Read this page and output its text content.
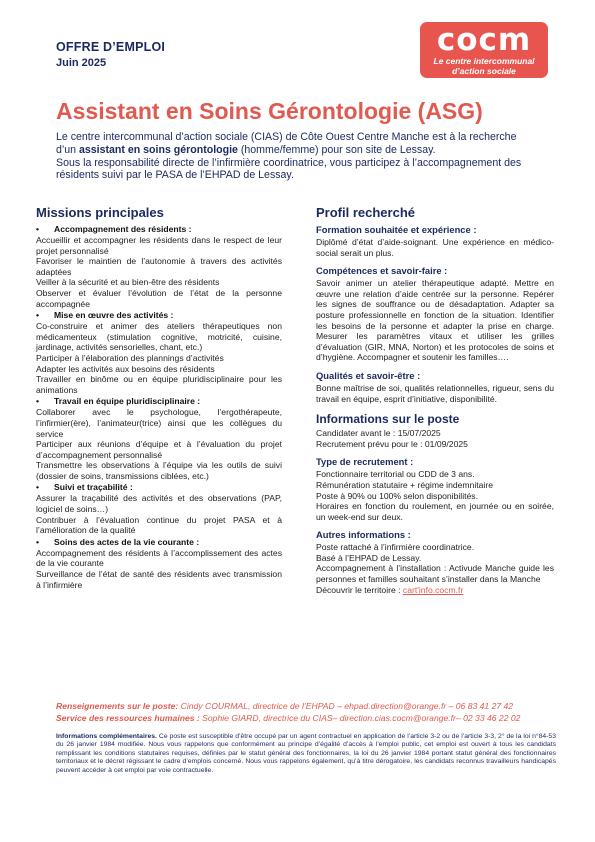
OFFRE D’EMPLOI
Juin 2025
cocm
Le centre intercommunal
d’action sociale
Assistant en Soins Gérontologie (ASG)
Le centre intercommunal d’action sociale (CIAS) de Côte Ouest Centre Manche est à la recherche d’un assistant en soins gérontologie (homme/femme) pour son site de Lessay.
Sous la responsabilité directe de l’infirmière coordinatrice, vous participez à l’accompagnement des résidents suivi par le PASA de l’EHPAD de Lessay.
Missions principales
• Accompagnement des résidents :
Accueillir et accompagner les résidents dans le respect de leur projet personnalisé
Favoriser le maintien de l’autonomie à travers des activités adaptées
Veiller à la sécurité et au bien-être des résidents
Observer et évaluer l’évolution de l’état de la personne accompagnée
• Mise en œuvre des activités :
Co-construire et animer des ateliers thérapeutiques non médicamenteux (stimulation cognitive, motricité, cuisine, jardinage, activités sensorielles, chant, etc.)
Participer à l’élaboration des plannings d’activités
Adapter les activités aux besoins des résidents
Travailler en binôme ou en équipe pluridisciplinaire pour les animations
• Travail en équipe pluridisciplinaire :
Collaborer avec le psychologue, l’ergothérapeute, l’infirmier(ère), l’animateur(trice) ainsi que les collègues du service
Participer aux réunions d’équipe et à l’évaluation du projet d’accompagnement personnalisé
Transmettre les observations à l’équipe via les outils de suivi (dossier de soins, transmissions ciblées, etc.)
• Suivi et traçabilité :
Assurer la traçabilité des activités et des observations (PAP, logiciel de soins…)
Contribuer à l’évaluation continue du projet PASA et à l’amélioration de la qualité
• Soins des actes de la vie courante :
Accompagnement des résidents à l’accomplissement des actes de la vie courante
Surveillance de l’état de santé des résidents avec transmission à l’infirmière
Profil recherché
Formation souhaitée et expérience :
Diplômé d’état d’aide-soignant. Une expérience en médico-social serait un plus.
Compétences et savoir-faire :
Savoir animer un atelier thérapeutique adapté. Mettre en œuvre une relation d’aide centrée sur la personne. Repérer les signes de souffrance ou de désadaptation. Adapter sa posture professionnelle en fonction de la situation. Identifier les besoins de la personne et adapter la prise en charge. Mesurer les paramètres vitaux et utiliser les grilles d’évaluation (GIR, MNA, Norton) et les protocoles de soins et d’hygiène. Accompagner et soutenir les familles….
Qualités et savoir-être :
Bonne maîtrise de soi, qualités relationnelles, rigueur, sens du travail en équipe, esprit d’initiative, disponibilité.
Informations sur le poste
Candidater avant le : 15/07/2025
Recrutement prévu pour le : 01/09/2025
Type de recrutement :
Fonctionnaire territorial ou CDD de 3 ans.
Rémunération statutaire + régime indemnitaire
Poste à 90% ou 100% selon disponibilités.
Horaires en fonction du roulement, en journée ou en soirée, un week-end sur deux.
Autres informations :
Poste rattaché à l’infirmière coordinatrice.
Basé à l’EHPAD de Lessay.
Accompagnement à l’installation : Activude Manche guide les personnes et familles souhaitant s’installer dans la Manche
Découvrir le territoire : cart'info.cocm.fr
Renseignements sur le poste: Cindy COURMAL, directrice de l’EHPAD – ehpad.direction@orange.fr – 06 83 41 27 42
Service des ressources humaines : Sophie GIARD, directrice du CIAS– direction.cias.cocm@orange.fr– 02 33 46 22 02
Informations complémentaires. Ce poste est susceptible d’être occupé par un agent contractuel en application de l’article 3-2 ou de l’article 3-3, 2° de la loi n°84-53 du 26 janvier 1984 modifiée. Nous vous rappelons que conformément au principe d’égalité d’accès à l’emploi public, cet emploi est ouvert à tous les candidats remplissant les conditions statutaires requises, définies par le statut général des fonctionnaires, la loi du 26 janvier 1984 portant statut général des fonctionnaires territoriaux et le décret régissant le cadre d’emplois concerné. Nous vous rappelons également, qu’à titre dérogatoire, les candidats reconnus travailleurs handicapés peuvent accéder à cet emploi par voie contractuelle.
